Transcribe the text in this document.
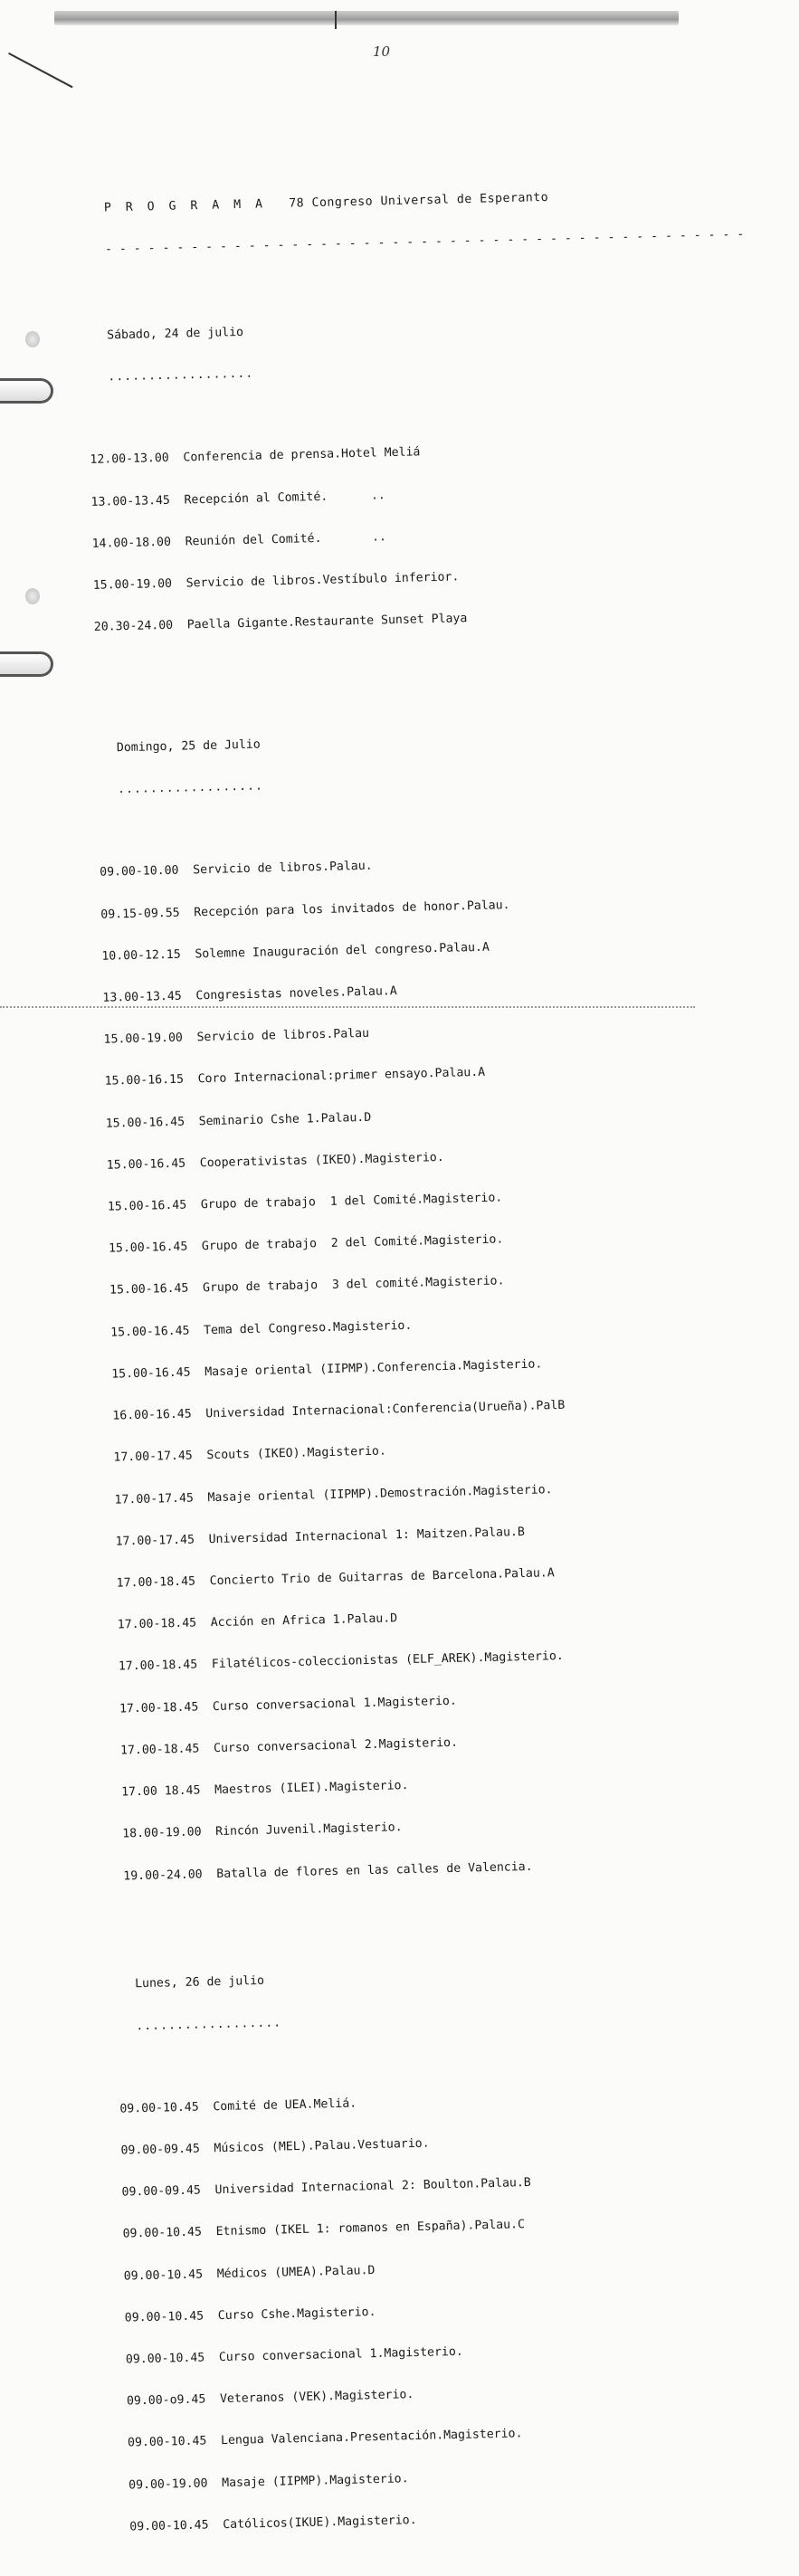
10

P R O G R A M A 78 Congreso Universal de Esperanto

- - - - - - - - - - - - - - - - - - - - - - - - - - - - - - - - - - - - - - - - - - - - -

Sábado, 24 de julio

..................

12.00-13.00 Conferencia de prensa.Hotel Meliá

13.00-13.45 Recepción al Comité.      ..

14.00-18.00 Reunión del Comité.       ..

15.00-19.00 Servicio de libros.Vestíbulo inferior.

20.30-24.00 Paella Gigante.Restaurante Sunset Playa

Domingo, 25 de Julio

..................

09.00-10.00 Servicio de libros.Palau.

09.15-09.55 Recepción para los invitados de honor.Palau.

10.00-12.15 Solemne Inauguración del congreso.Palau.A

13.00-13.45 Congresistas noveles.Palau.A

15.00-19.00 Servicio de libros.Palau

15.00-16.15 Coro Internacional:primer ensayo.Palau.A

15.00-16.45 Seminario Cshe 1.Palau.D

15.00-16.45 Cooperativistas (IKEO).Magisterio.

15.00-16.45 Grupo de trabajo  1 del Comité.Magisterio.

15.00-16.45 Grupo de trabajo  2 del Comité.Magisterio.

15.00-16.45 Grupo de trabajo  3 del comité.Magisterio.

15.00-16.45 Tema del Congreso.Magisterio.

15.00-16.45 Masaje oriental (IIPMP).Conferencia.Magisterio.

16.00-16.45 Universidad Internacional:Conferencia(Urueña).PalB

17.00-17.45 Scouts (IKEO).Magisterio.

17.00-17.45 Masaje oriental (IIPMP).Demostración.Magisterio.

17.00-17.45 Universidad Internacional 1: Maitzen.Palau.B

17.00-18.45 Concierto Trio de Guitarras de Barcelona.Palau.A

17.00-18.45 Acción en Africa 1.Palau.D

17.00-18.45 Filatélicos-coleccionistas (ELF_AREK).Magisterio.

17.00-18.45 Curso conversacional 1.Magisterio.

17.00-18.45 Curso conversacional 2.Magisterio.

17.00 18.45 Maestros (ILEI).Magisterio.

18.00-19.00 Rincón Juvenil.Magisterio.

19.00-24.00 Batalla de flores en las calles de Valencia.

Lunes, 26 de julio

..................

09.00-10.45 Comité de UEA.Meliá.

09.00-09.45 Músicos (MEL).Palau.Vestuario.

09.00-09.45 Universidad Internacional 2: Boulton.Palau.B

09.00-10.45 Etnismo (IKEL 1: romanos en España).Palau.C

09.00-10.45 Médicos (UMEA).Palau.D

09.00-10.45 Curso Cshe.Magisterio.

09.00-10.45 Curso conversacional 1.Magisterio.

09.00-o9.45 Veteranos (VEK).Magisterio.

09.00-10.45 Lengua Valenciana.Presentación.Magisterio.

09.00-19.00 Masaje (IIPMP).Magisterio.

09.00-10.45 Católicos(IKUE).Magisterio.
